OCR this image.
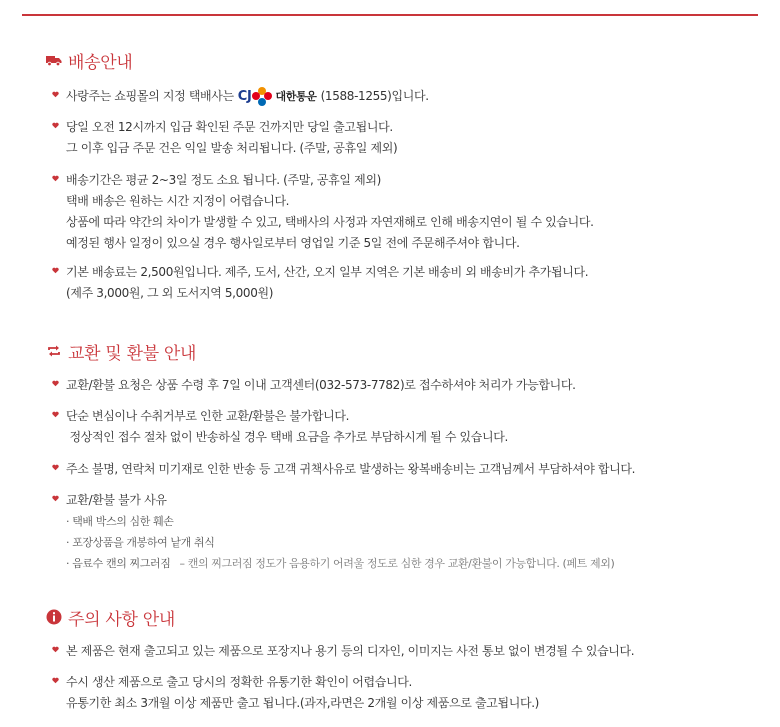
배송안내
사랑주는 쇼핑몰의 지정 택배사는 CJ 대한통운 (1588-1255)입니다.
당일 오전 12시까지 입금 확인된 주문 건까지만 당일 출고됩니다.
그 이후 입금 주문 건은 익일 발송 처리됩니다. (주말, 공휴일 제외)
배송기간은 평균 2~3일 정도 소요 됩니다. (주말, 공휴일 제외)
택배 배송은 원하는 시간 지정이 어렵습니다.
상품에 따라 약간의 차이가 발생할 수 있고, 택배사의 사정과 자연재해로 인해 배송지연이 될 수 있습니다.
예정된 행사 일정이 있으실 경우 행사일로부터 영업일 기준 5일 전에 주문해주셔야 합니다.
기본 배송료는 2,500원입니다. 제주, 도서, 산간, 오지 일부 지역은 기본 배송비 외 배송비가 추가됩니다.
(제주 3,000원, 그 외 도서지역 5,000원)
교환 및 환불 안내
교환/환불 요청은 상품 수령 후 7일 이내 고객센터(032-573-7782)로 접수하셔야 처리가 가능합니다.
단순 변심이나 수취거부로 인한 교환/환불은 불가합니다.
정상적인 접수 절차 없이 반송하실 경우 택배 요금을 추가로 부담하시게 될 수 있습니다.
주소 불명, 연락처 미기재로 인한 반송 등 고객 귀책사유로 발생하는 왕복배송비는 고객님께서 부담하셔야 합니다.
교환/환불 불가 사유
· 택배 박스의 심한 훼손
· 포장상품을 개봉하여 낱개 취식
· 음료수 캔의 찌그러짐 – 캔의 찌그러짐 정도가 음용하기 어려울 정도로 심한 경우 교환/환불이 가능합니다. (페트 제외)
주의 사항 안내
본 제품은 현재 출고되고 있는 제품으로 포장지나 용기 등의 디자인, 이미지는 사전 통보 없이 변경될 수 있습니다.
수시 생산 제품으로 출고 당시의 정확한 유통기한 확인이 어렵습니다.
유통기한 최소 3개월 이상 제품만 출고 됩니다.(과자,라면은 2개월 이상 제품으로 출고됩니다.)
